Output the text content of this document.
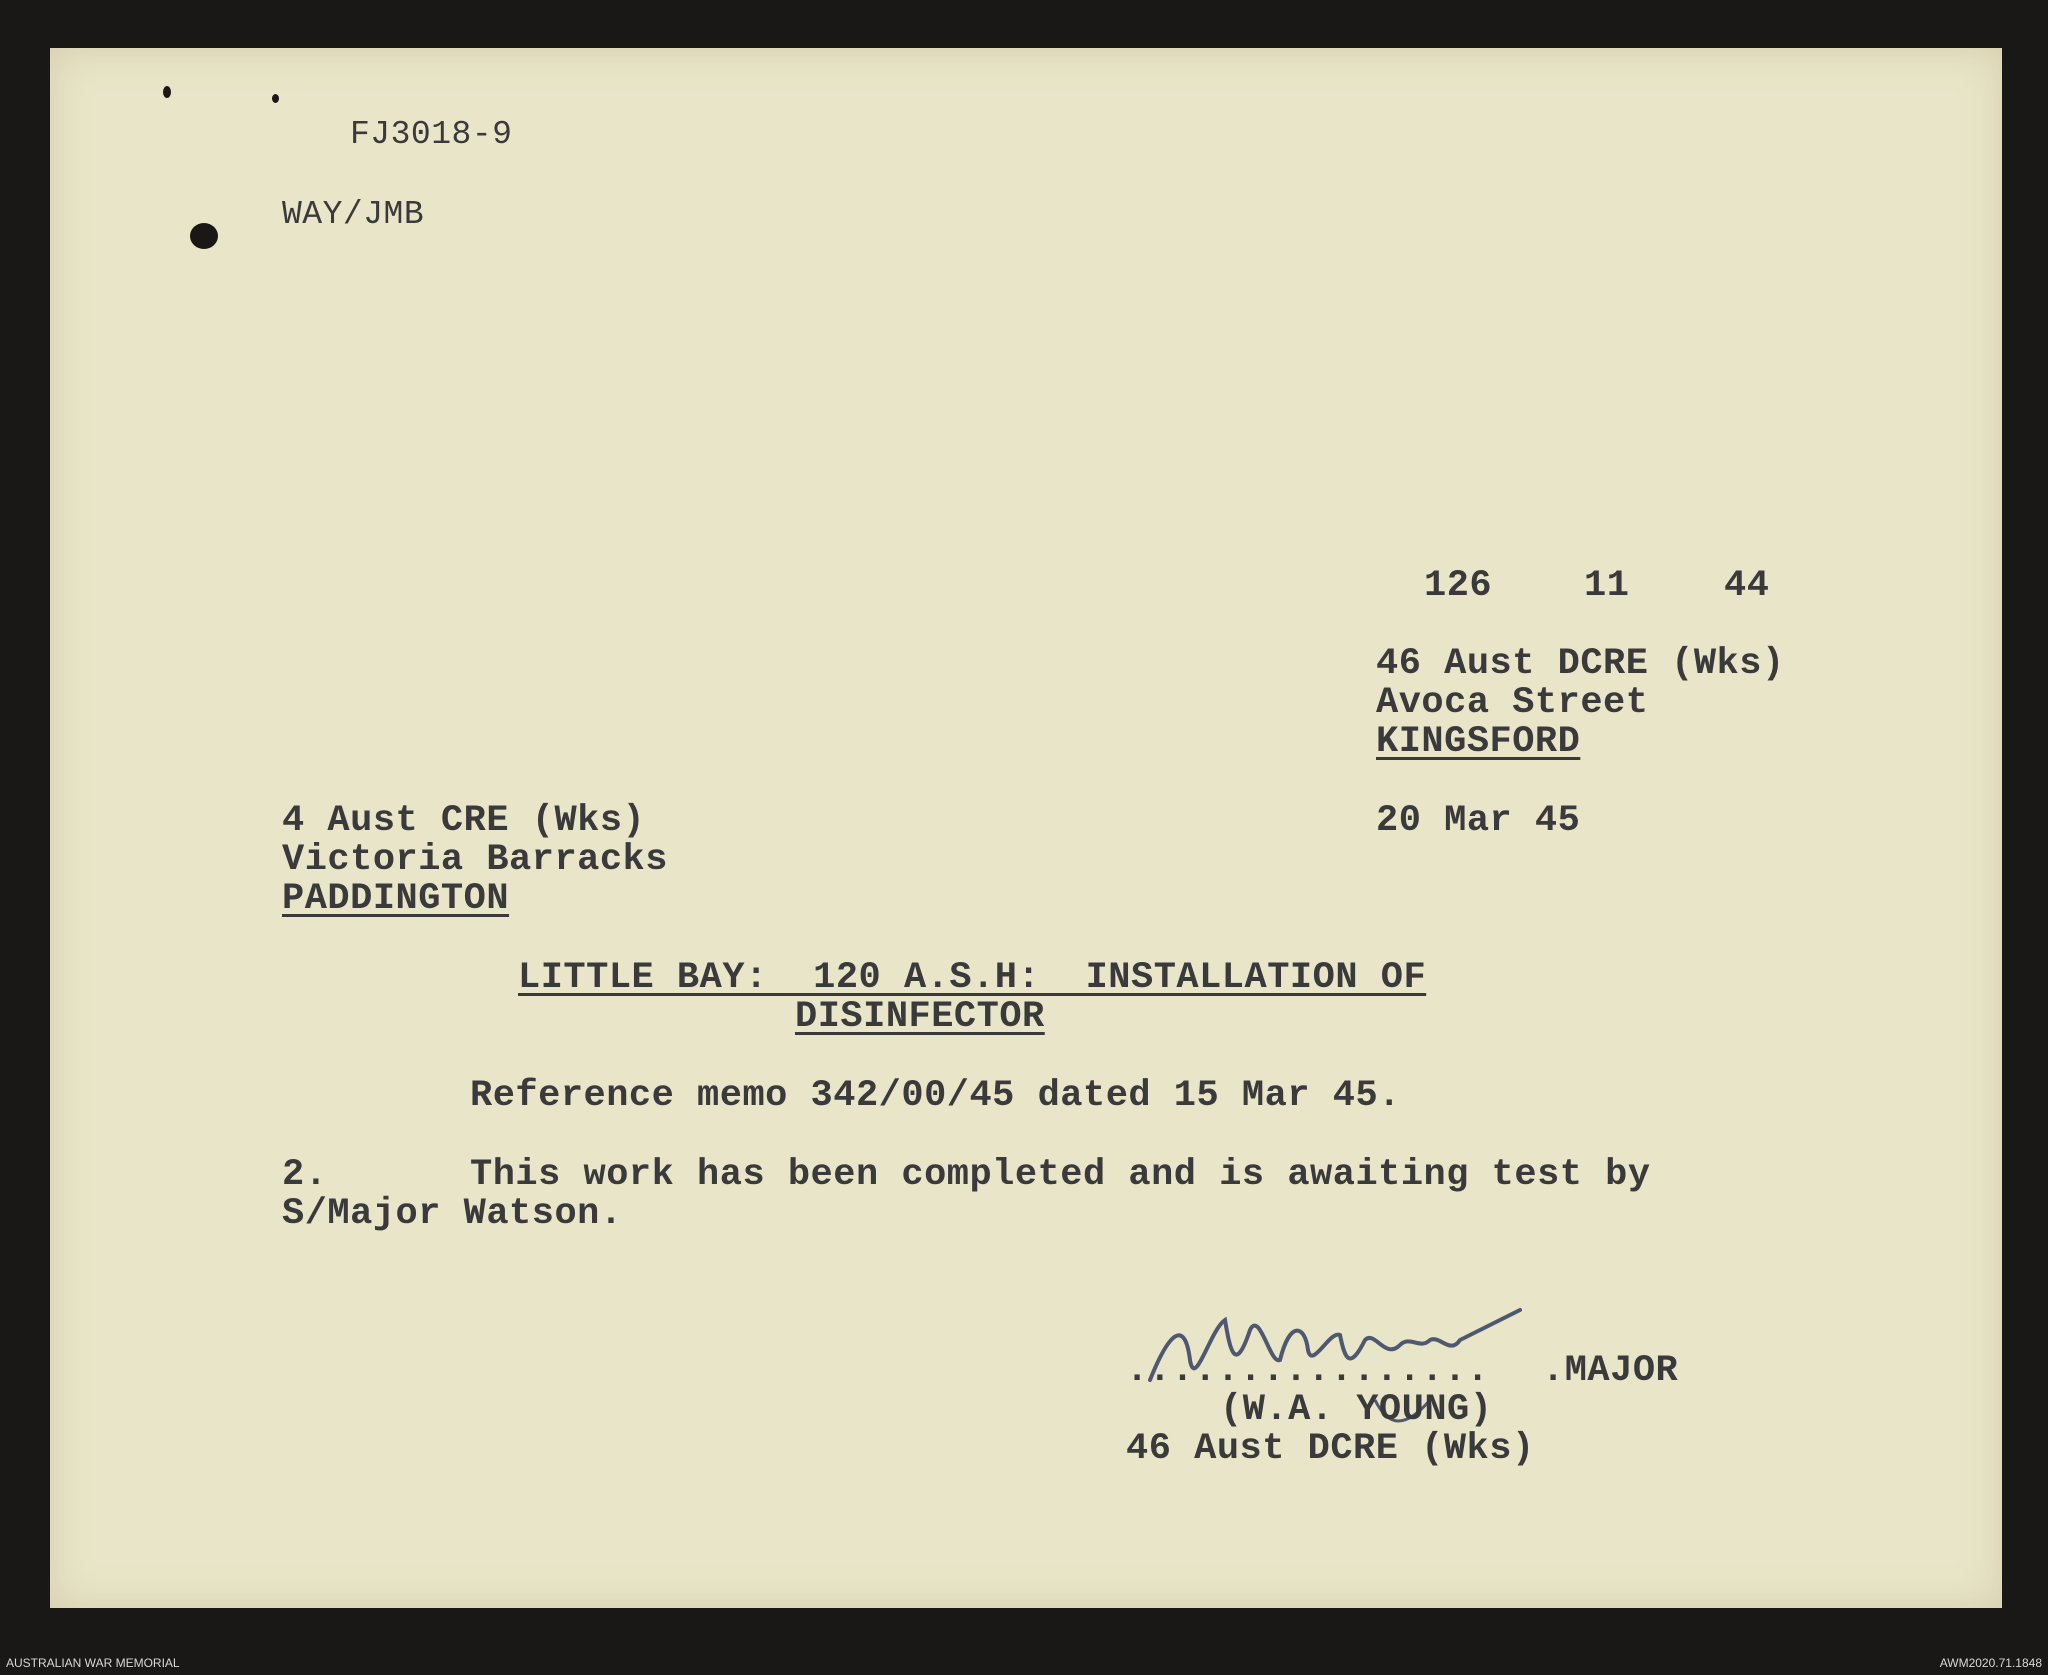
FJ3018-9
WAY/JMB
126 11	44
46 Aust DCRE (Wks)
Avoca Street
KINGSFORD
20 Mar 45
4 Aust CRE (Wks)
Victoria Barracks
PADDINGTON
LITTLE BAY:  120 A.S.H:  INSTALLATION OF
DISINFECTOR
Reference memo 342/00/45 dated 15 Mar 45.
2.	This work has been completed and is awaiting test by
S/Major Watson.
................ .MAJOR
(W.A. YOUNG)
46 Aust DCRE (Wks)
AUSTRALIAN WAR MEMORIAL	AWM2020.71.1848
